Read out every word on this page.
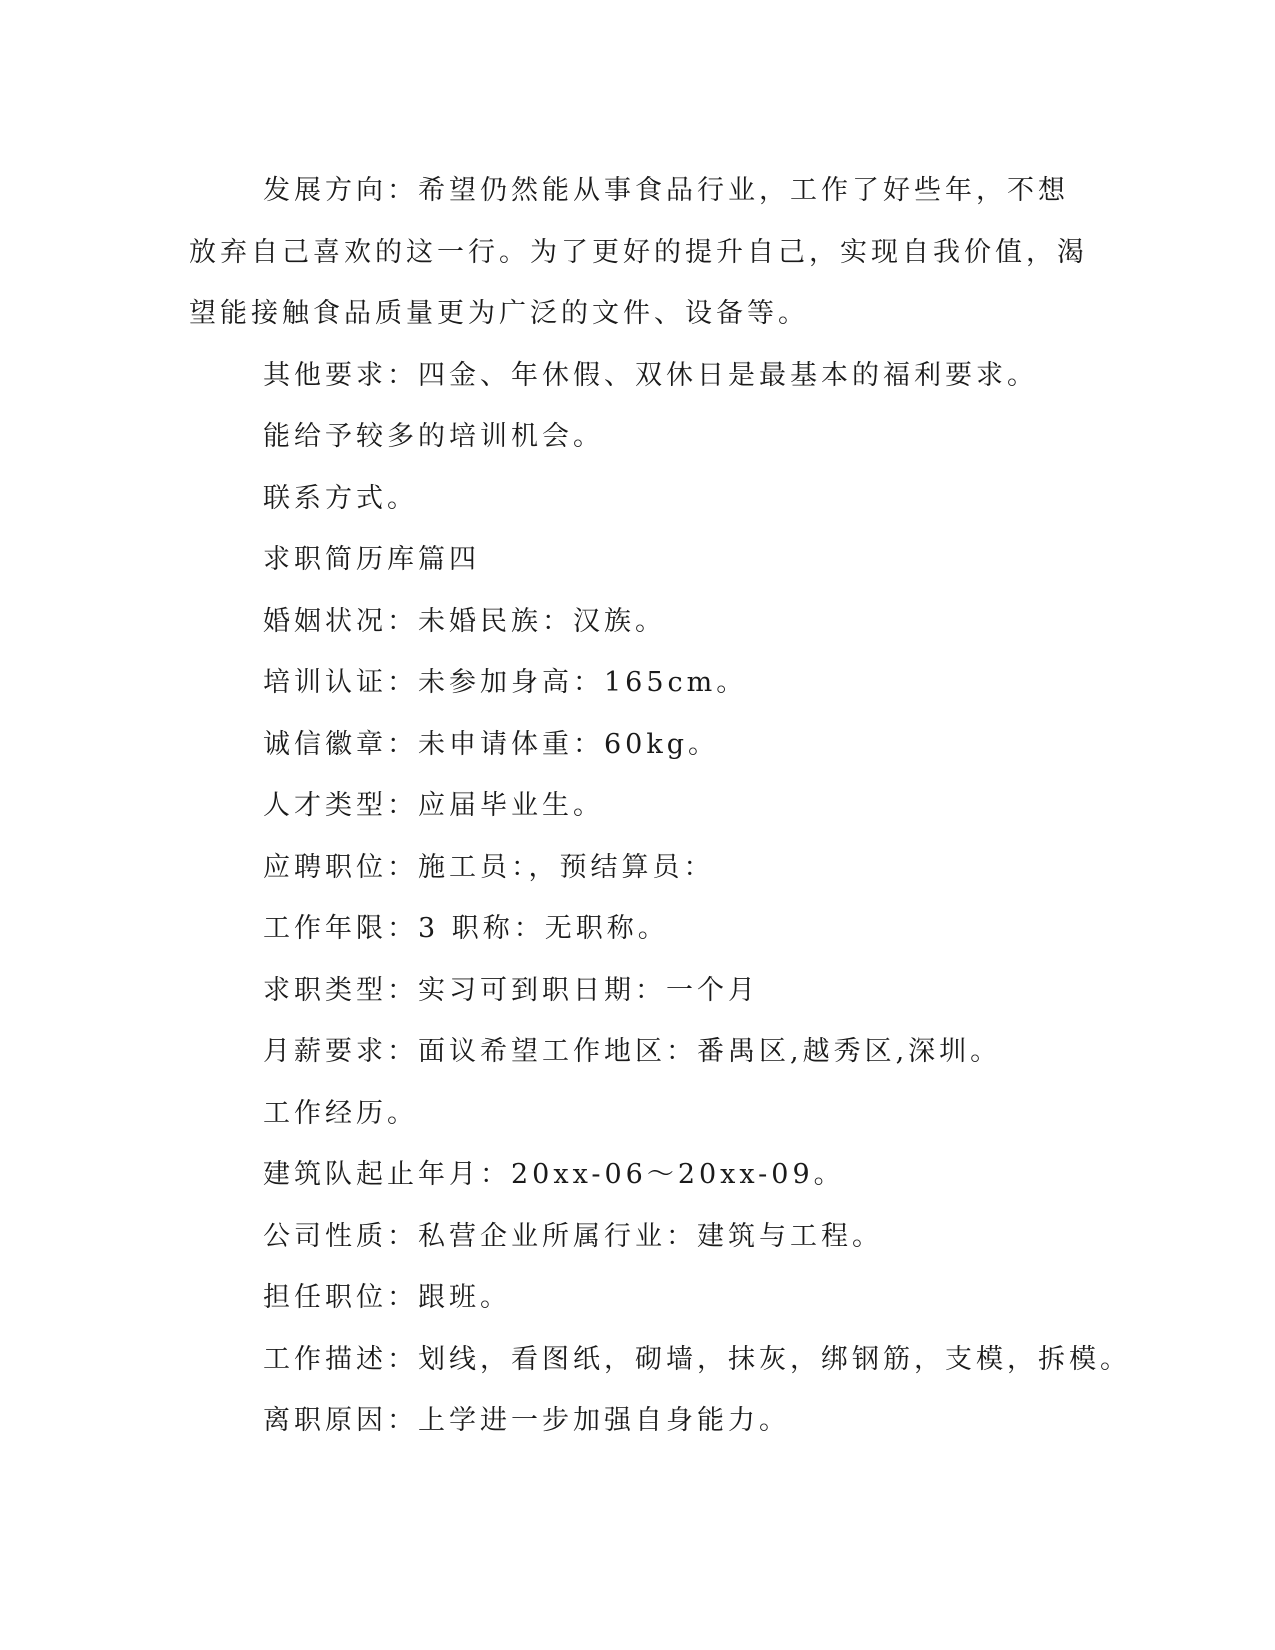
发展方向：希望仍然能从事食品行业，工作了好些年，不想放弃自己喜欢的这一行。为了更好的提升自己，实现自我价值，渴望能接触食品质量更为广泛的文件、设备等。

其他要求：四金、年休假、双休日是最基本的福利要求。

能给予较多的培训机会。

联系方式。

求职简历库篇四

婚姻状况：未婚民族：汉族。

培训认证：未参加身高：165cm。

诚信徽章：未申请体重：60kg。

人才类型：应届毕业生。

应聘职位：施工员：，预结算员：

工作年限：3 职称：无职称。

求职类型：实习可到职日期：一个月

月薪要求：面议希望工作地区：番禺区,越秀区,深圳。

工作经历。

建筑队起止年月：20xx-06～20xx-09。

公司性质：私营企业所属行业：建筑与工程。

担任职位：跟班。

工作描述：划线，看图纸，砌墙，抹灰，绑钢筋，支模，拆模。

离职原因：上学进一步加强自身能力。
